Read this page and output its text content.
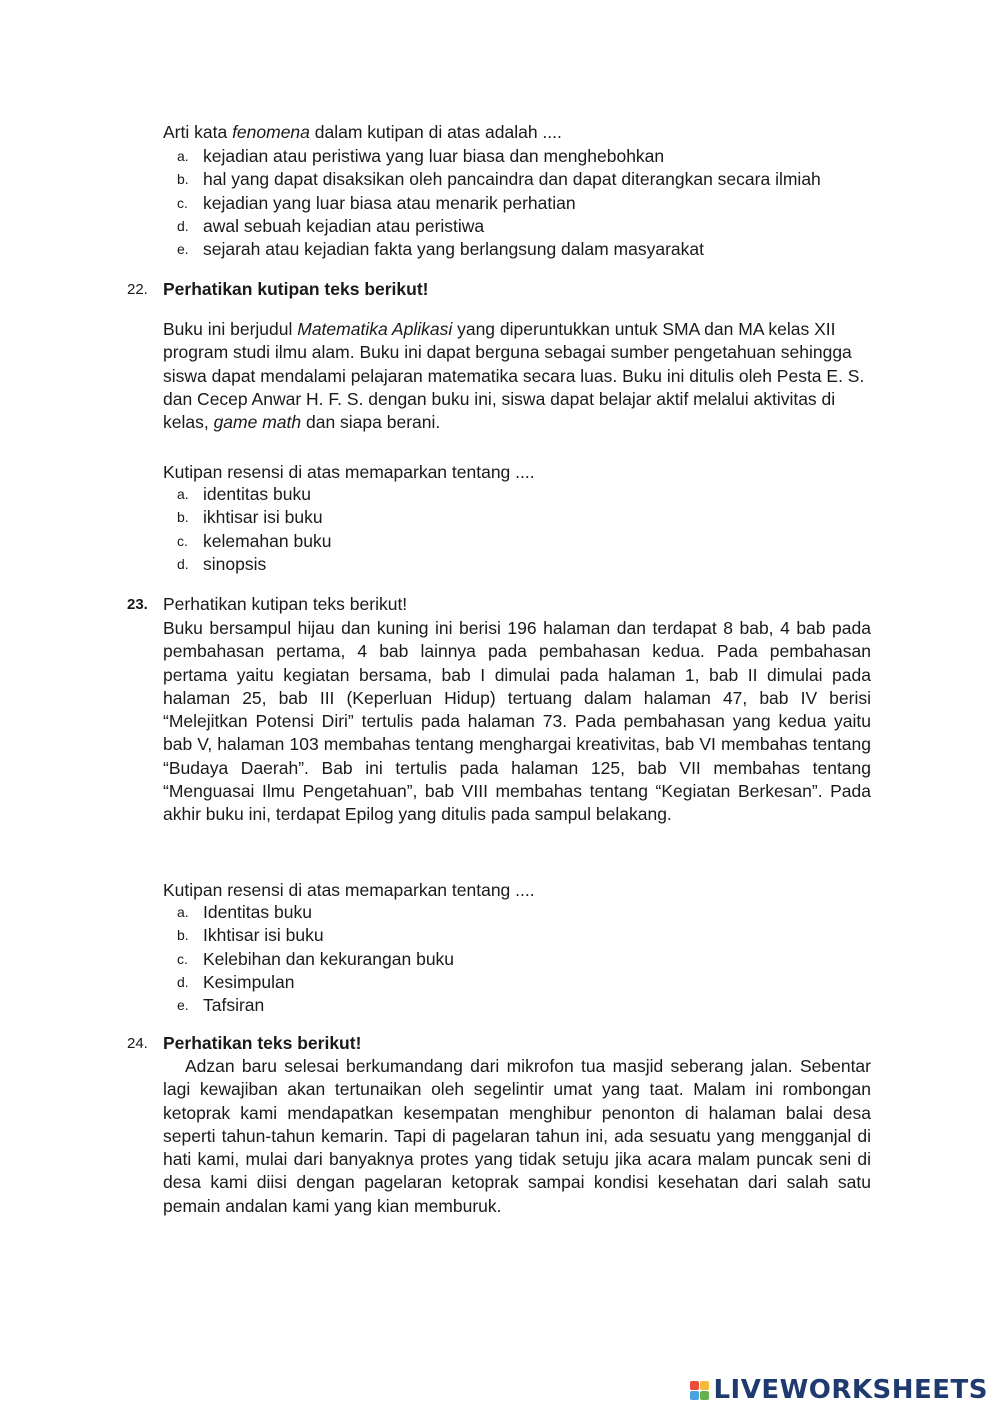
Arti kata fenomena dalam kutipan di atas adalah ....
a. kejadian atau peristiwa yang luar biasa dan menghebohkan
b. hal yang dapat disaksikan oleh pancaindra dan dapat diterangkan secara ilmiah
c. kejadian yang luar biasa atau menarik perhatian
d. awal sebuah kejadian atau peristiwa
e. sejarah atau kejadian fakta yang berlangsung dalam masyarakat
22. Perhatikan kutipan teks berikut!
Buku ini berjudul Matematika Aplikasi yang diperuntukkan untuk SMA dan MA kelas XII program studi ilmu alam. Buku ini dapat berguna sebagai sumber pengetahuan sehingga siswa dapat mendalami pelajaran matematika secara luas. Buku ini ditulis oleh Pesta E. S. dan Cecep Anwar H. F. S. dengan buku ini, siswa dapat belajar aktif melalui aktivitas di kelas, game math dan siapa berani.
Kutipan resensi di atas memaparkan tentang ....
a. identitas buku
b. ikhtisar isi buku
c. kelemahan buku
d. sinopsis
23. Perhatikan kutipan teks berikut!
Buku bersampul hijau dan kuning ini berisi 196 halaman dan terdapat 8 bab, 4 bab pada pembahasan pertama, 4 bab lainnya pada pembahasan kedua. Pada pembahasan pertama yaitu kegiatan bersama, bab I dimulai pada halaman 1, bab II dimulai pada halaman 25, bab III (Keperluan Hidup) tertuang dalam halaman 47, bab IV berisi “Melejitkan Potensi Diri” tertulis pada halaman 73. Pada pembahasan yang kedua yaitu bab V, halaman 103 membahas tentang menghargai kreativitas, bab VI membahas tentang “Budaya Daerah”. Bab ini tertulis pada halaman 125, bab VII membahas tentang “Menguasai Ilmu Pengetahuan”, bab VIII membahas tentang “Kegiatan Berkesan”. Pada akhir buku ini, terdapat Epilog yang ditulis pada sampul belakang.
Kutipan resensi di atas memaparkan tentang ....
a. Identitas buku
b. Ikhtisar isi buku
c. Kelebihan dan kekurangan buku
d. Kesimpulan
e. Tafsiran
24. Perhatikan teks berikut!
Adzan baru selesai berkumandang dari mikrofon tua masjid seberang jalan. Sebentar lagi kewajiban akan tertunaikan oleh segelintir umat yang taat. Malam ini rombongan ketoprak kami mendapatkan kesempatan menghibur penonton di halaman balai desa seperti tahun-tahun kemarin. Tapi di pagelaran tahun ini, ada sesuatu yang mengganjal di hati kami, mulai dari banyaknya protes yang tidak setuju jika acara malam puncak seni di desa kami diisi dengan pagelaran ketoprak sampai kondisi kesehatan dari salah satu pemain andalan kami yang kian memburuk.
LIVEWORKSHEETS
